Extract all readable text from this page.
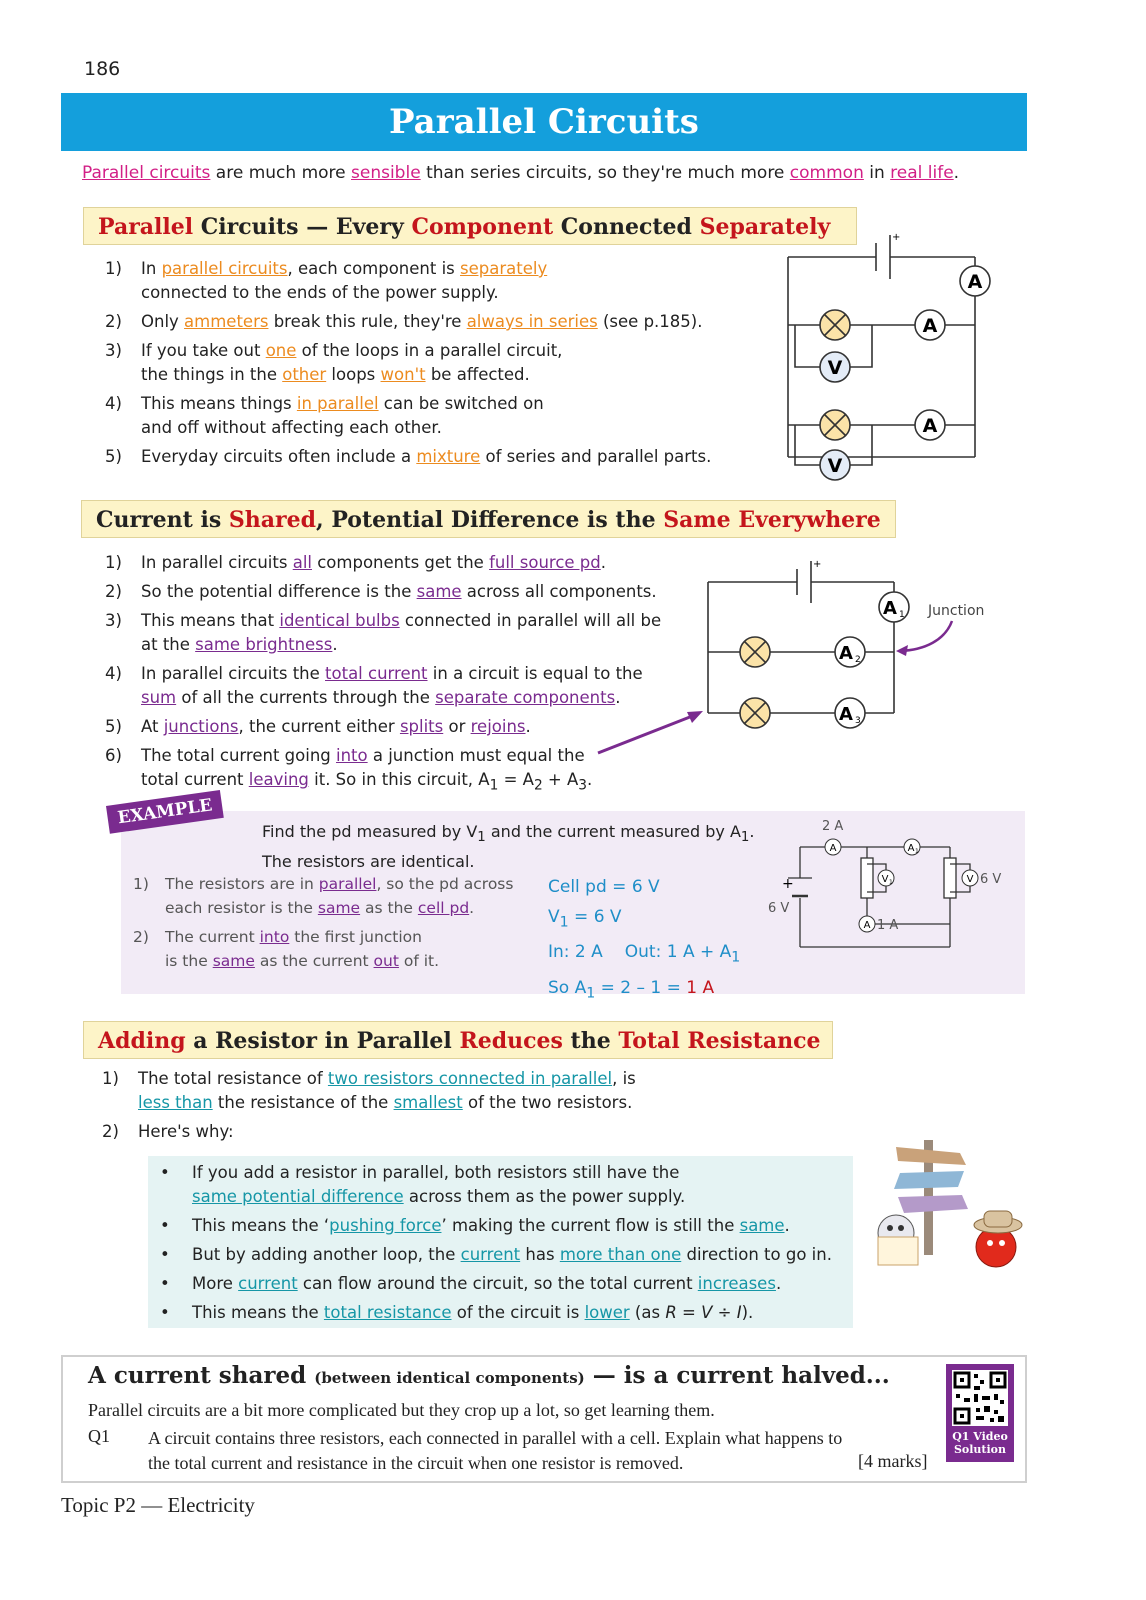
186
Parallel Circuits
Parallel circuits are much more sensible than series circuits, so they're much more common in real life.
Parallel Circuits — Every Component Connected Separately
1) In parallel circuits, each component is separately
connected to the ends of the power supply.
2) Only ammeters break this rule, they're always in series (see p.185).
3) If you take out one of the loops in a parallel circuit,
the things in the other loops won't be affected.
4) This means things in parallel can be switched on
and off without affecting each other.
5) Everyday circuits often include a mixture of series and parallel parts.
+
A
A
A
V
V
Current is Shared, Potential Difference is the Same Everywhere
1) In parallel circuits all components get the full source pd.
2) So the potential difference is the same across all components.
3) This means that identical bulbs connected in parallel will all be
at the same brightness.
4) In parallel circuits the total current in a circuit is equal to the
sum of all the currents through the separate components.
5) At junctions, the current either splits or rejoins.
6) The total current going into a junction must equal the
total current leaving it. So in this circuit, $A_1 = A_2 + A_3$.
+
A 1
A 2
A 3
Junction
EXAMPLE
Find the pd measured by $V_1$ and the current measured by $A_1$.
The resistors are identical.
1) The resistors are in parallel, so the pd across
each resistor is the same as the cell pd.
2) The current into the first junction
is the same as the current out of it.
Cell pd = 6 V
$V_1 = 6$ V
In: 2 A Out: 1 $A + A_1$
So $A_1 = 2 - 1 = 1$ A
+
A	A 1
V 1	V
A
2 A
6 V
1 A
6 V
Adding a Resistor in Parallel Reduces the Total Resistance
1) The total resistance of two resistors connected in parallel, is
less than the resistance of the smallest of the two resistors.
2) Here's why:
• If you add a resistor in parallel, both resistors still have the
same potential difference across them as the power supply.
• This means the ‘pushing force’ making the current flow is still the same.
• But by adding another loop, the current has more than one direction to go in.
• More current can flow around the circuit, so the total current increases.
• This means the total resistance of the circuit is lower (as R = V ÷ I).
A current shared (between identical components) — is a current halved...
Parallel circuits are a bit more complicated but they crop up a lot, so get learning them.
Q1 A circuit contains three resistors, each connected in parallel with a cell. Explain what happens to the total current and resistance in the circuit when one resistor is removed.	[4 marks]
Q1 Video
Solution
Topic P2 — Electricity
